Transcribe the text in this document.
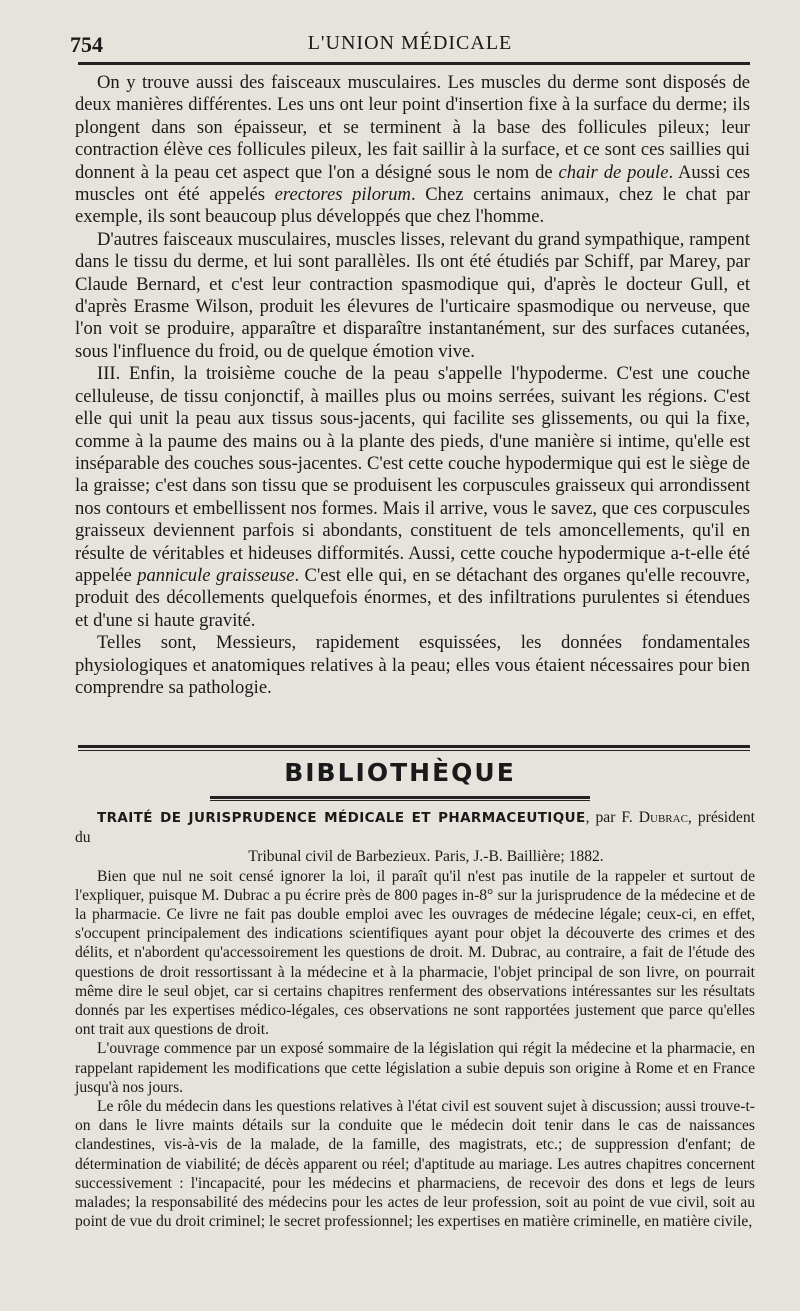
754	L'UNION MÉDICALE

On y trouve aussi des faisceaux musculaires. Les muscles du derme sont disposés de deux manières différentes. Les uns ont leur point d'insertion fixe à la surface du derme; ils plongent dans son épaisseur, et se terminent à la base des follicules pileux; leur contraction élève ces follicules pileux, les fait saillir à la surface, et ce sont ces saillies qui donnent à la peau cet aspect que l'on a désigné sous le nom de chair de poule. Aussi ces muscles ont été appelés erectores pilorum. Chez certains animaux, chez le chat par exemple, ils sont beaucoup plus développés que chez l'homme.

D'autres faisceaux musculaires, muscles lisses, relevant du grand sympathique, rampent dans le tissu du derme, et lui sont parallèles. Ils ont été étudiés par Schiff, par Marey, par Claude Bernard, et c'est leur contraction spasmodique qui, d'après le docteur Gull, et d'après Erasme Wilson, produit les élevures de l'urticaire spasmodique ou nerveuse, que l'on voit se produire, apparaître et disparaître instantanément, sur des surfaces cutanées, sous l'influence du froid, ou de quelque émotion vive.

III. Enfin, la troisième couche de la peau s'appelle l'hypoderme. C'est une couche celluleuse, de tissu conjonctif, à mailles plus ou moins serrées, suivant les régions. C'est elle qui unit la peau aux tissus sous-jacents, qui facilite ses glissements, ou qui la fixe, comme à la paume des mains ou à la plante des pieds, d'une manière si intime, qu'elle est inséparable des couches sous-jacentes. C'est cette couche hypodermique qui est le siège de la graisse; c'est dans son tissu que se produisent les corpuscules graisseux qui arrondissent nos contours et embellissent nos formes. Mais il arrive, vous le savez, que ces corpuscules graisseux deviennent parfois si abondants, constituent de tels amoncellements, qu'il en résulte de véritables et hideuses difformités. Aussi, cette couche hypodermique a-t-elle été appelée pannicule graisseuse. C'est elle qui, en se détachant des organes qu'elle recouvre, produit des décollements quelquefois énormes, et des infiltrations purulentes si étendues et d'une si haute gravité.

Telles sont, Messieurs, rapidement esquissées, les données fondamentales physiologiques et anatomiques relatives à la peau; elles vous étaient nécessaires pour bien comprendre sa pathologie.

BIBLIOTHÈQUE

TRAITÉ DE JURISPRUDENCE MÉDICALE ET PHARMACEUTIQUE, par F. Dubrac, président du
Tribunal civil de Barbezieux. Paris, J.-B. Baillière; 1882.

Bien que nul ne soit censé ignorer la loi, il paraît qu'il n'est pas inutile de la rappeler et surtout de l'expliquer, puisque M. Dubrac a pu écrire près de 800 pages in-8° sur la jurisprudence de la médecine et de la pharmacie. Ce livre ne fait pas double emploi avec les ouvrages de médecine légale; ceux-ci, en effet, s'occupent principalement des indications scientifiques ayant pour objet la découverte des crimes et des délits, et n'abordent qu'accessoirement les questions de droit. M. Dubrac, au contraire, a fait de l'étude des questions de droit ressortissant à la médecine et à la pharmacie, l'objet principal de son livre, on pourrait même dire le seul objet, car si certains chapitres renferment des observations intéressantes sur les résultats donnés par les expertises médico-légales, ces observations ne sont rapportées justement que parce qu'elles ont trait aux questions de droit.

L'ouvrage commence par un exposé sommaire de la législation qui régit la médecine et la pharmacie, en rappelant rapidement les modifications que cette législation a subie depuis son origine à Rome et en France jusqu'à nos jours.

Le rôle du médecin dans les questions relatives à l'état civil est souvent sujet à discussion; aussi trouve-t-on dans le livre maints détails sur la conduite que le médecin doit tenir dans le cas de naissances clandestines, vis-à-vis de la malade, de la famille, des magistrats, etc.; de suppression d'enfant; de détermination de viabilité; de décès apparent ou réel; d'aptitude au mariage. Les autres chapitres concernent successivement : l'incapacité, pour les médecins et pharmaciens, de recevoir des dons et legs de leurs malades; la responsabilité des médecins pour les actes de leur profession, soit au point de vue civil, soit au point de vue du droit criminel; le secret professionnel; les expertises en matière criminelle, en matière civile,
